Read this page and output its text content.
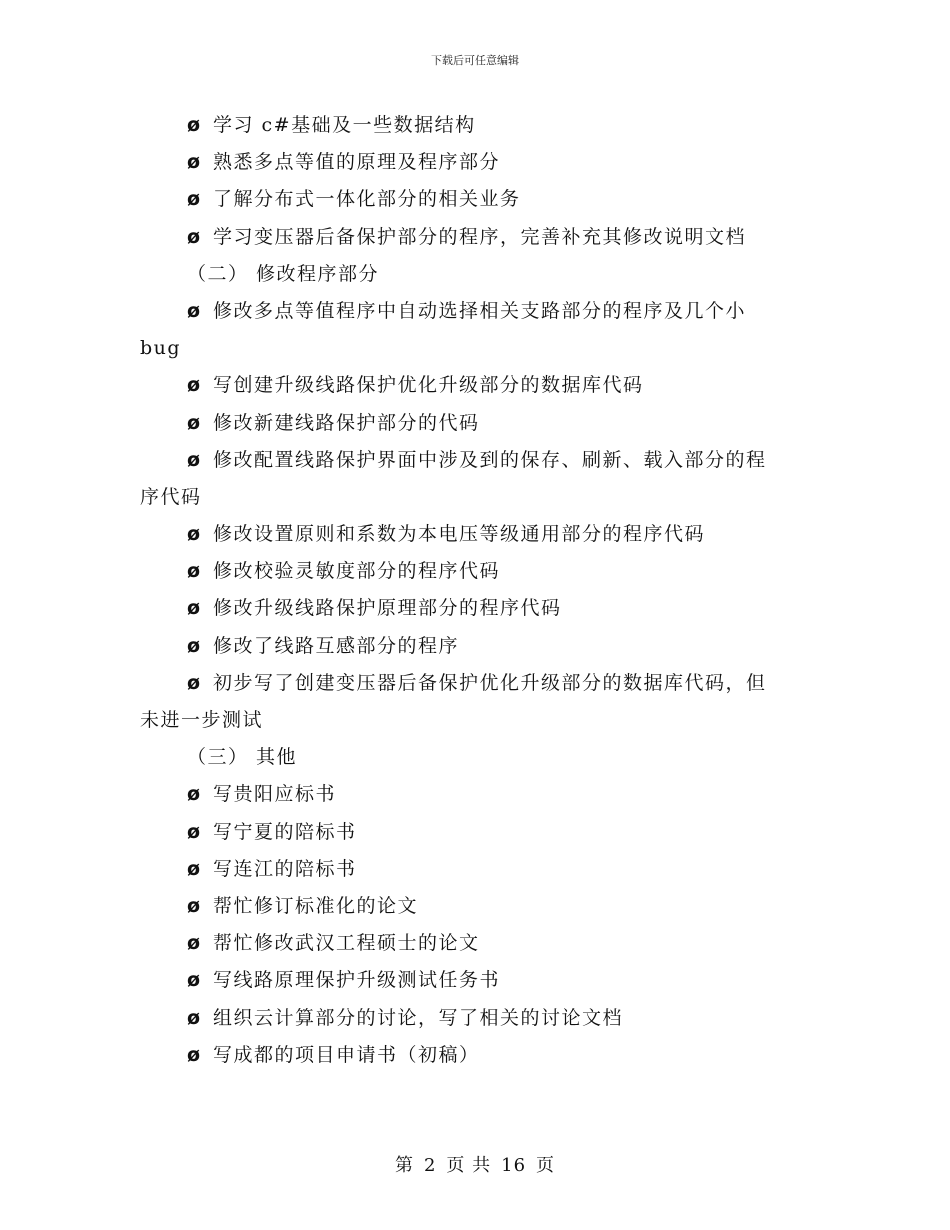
下载后可任意编辑
ø 学习 c#基础及一些数据结构
ø 熟悉多点等值的原理及程序部分
ø 了解分布式一体化部分的相关业务
ø 学习变压器后备保护部分的程序，完善补充其修改说明文档
（二） 修改程序部分
ø 修改多点等值程序中自动选择相关支路部分的程序及几个小
bug
ø 写创建升级线路保护优化升级部分的数据库代码
ø 修改新建线路保护部分的代码
ø 修改配置线路保护界面中涉及到的保存、刷新、载入部分的程
序代码
ø 修改设置原则和系数为本电压等级通用部分的程序代码
ø 修改校验灵敏度部分的程序代码
ø 修改升级线路保护原理部分的程序代码
ø 修改了线路互感部分的程序
ø 初步写了创建变压器后备保护优化升级部分的数据库代码，但
未进一步测试
（三） 其他
ø 写贵阳应标书
ø 写宁夏的陪标书
ø 写连江的陪标书
ø 帮忙修订标准化的论文
ø 帮忙修改武汉工程硕士的论文
ø 写线路原理保护升级测试任务书
ø 组织云计算部分的讨论，写了相关的讨论文档
ø 写成都的项目申请书（初稿）
第 2 页 共 16 页
